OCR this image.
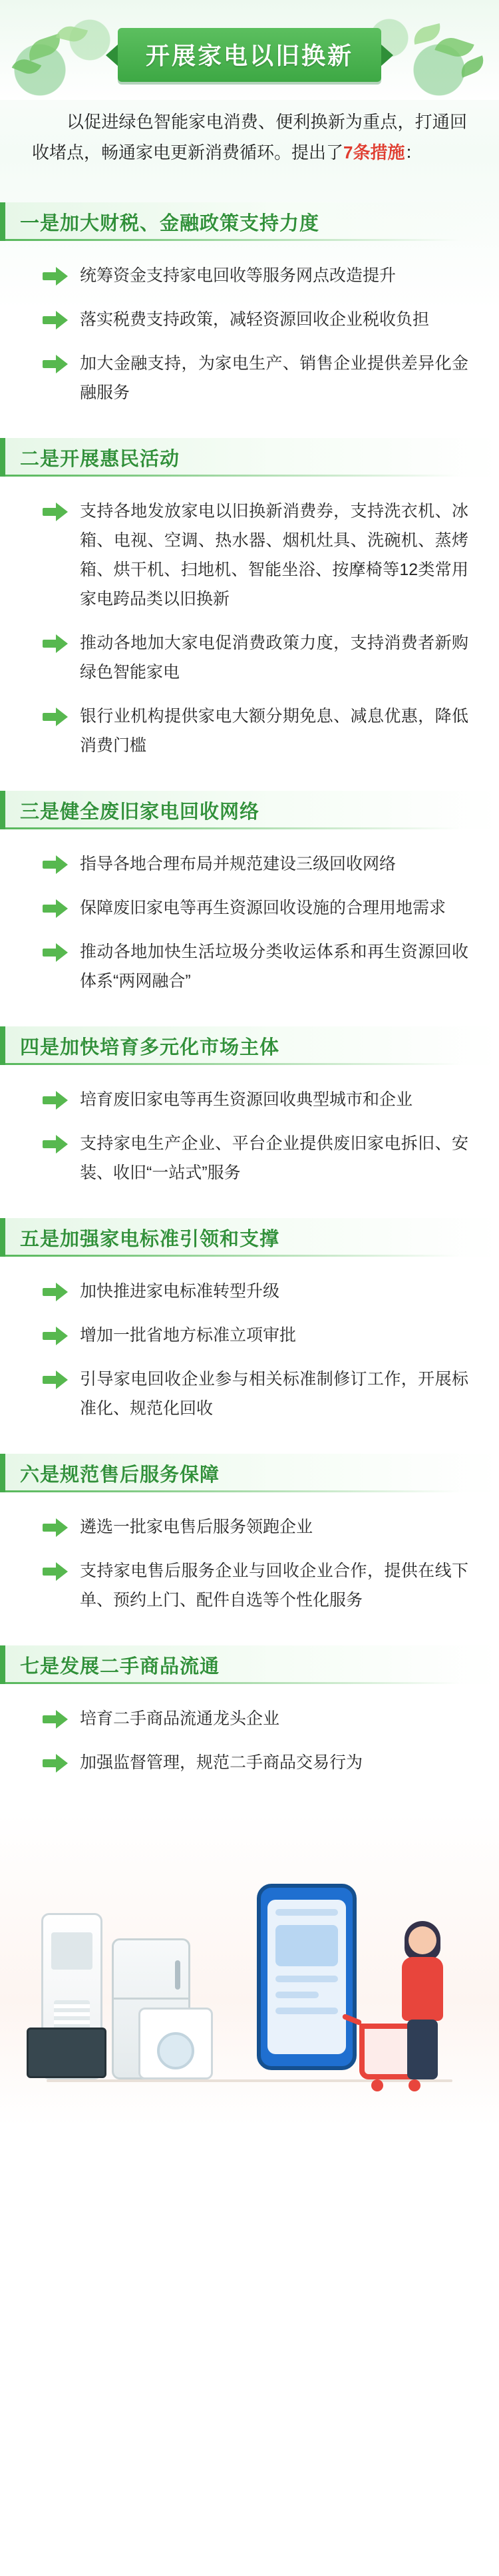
开展家电以旧换新
以促进绿色智能家电消费、便利换新为重点，打通回收堵点，畅通家电更新消费循环。提出了7条措施：
一是加大财税、金融政策支持力度
统筹资金支持家电回收等服务网点改造提升
落实税费支持政策，减轻资源回收企业税收负担
加大金融支持，为家电生产、销售企业提供差异化金融服务
二是开展惠民活动
支持各地发放家电以旧换新消费券，支持洗衣机、冰箱、电视、空调、热水器、烟机灶具、洗碗机、蒸烤箱、烘干机、扫地机、智能坐浴、按摩椅等12类常用家电跨品类以旧换新
推动各地加大家电促消费政策力度，支持消费者新购绿色智能家电
银行业机构提供家电大额分期免息、减息优惠，降低消费门槛
三是健全废旧家电回收网络
指导各地合理布局并规范建设三级回收网络
保障废旧家电等再生资源回收设施的合理用地需求
推动各地加快生活垃圾分类收运体系和再生资源回收体系“两网融合”
四是加快培育多元化市场主体
培育废旧家电等再生资源回收典型城市和企业
支持家电生产企业、平台企业提供废旧家电拆旧、安装、收旧“一站式”服务
五是加强家电标准引领和支撑
加快推进家电标准转型升级
增加一批省地方标准立项审批
引导家电回收企业参与相关标准制修订工作，开展标准化、规范化回收
六是规范售后服务保障
遴选一批家电售后服务领跑企业
支持家电售后服务企业与回收企业合作，提供在线下单、预约上门、配件自选等个性化服务
七是发展二手商品流通
培育二手商品流通龙头企业
加强监督管理，规范二手商品交易行为
